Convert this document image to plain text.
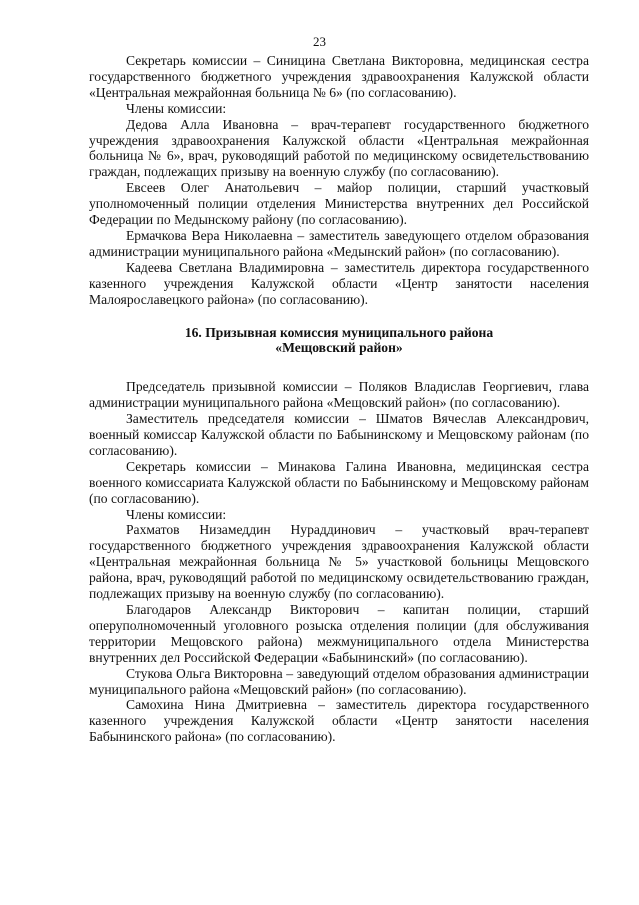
23

Секретарь комиссии – Синицина Светлана Викторовна, медицинская сестра государственного бюджетного учреждения здравоохранения Калужской области «Центральная межрайонная больница № 6» (по согласованию).

Члены комиссии:

Дедова Алла Ивановна – врач-терапевт государственного бюджетного учреждения здравоохранения Калужской области «Центральная межрайонная больница № 6», врач, руководящий работой по медицинскому освидетельствованию граждан, подлежащих призыву на военную службу (по согласованию).

Евсеев Олег Анатольевич – майор полиции, старший участковый уполномоченный полиции отделения Министерства внутренних дел Российской Федерации по Медынскому району (по согласованию).

Ермачкова Вера Николаевна – заместитель заведующего отделом образования администрации муниципального района «Медынский район» (по согласованию).

Кадеева Светлана Владимировна – заместитель директора государственного казенного учреждения Калужской области «Центр занятости населения Малоярославецкого района» (по согласованию).

16. Призывная комиссия муниципального района
«Мещовский район»

Председатель призывной комиссии – Поляков Владислав Георгиевич, глава администрации муниципального района «Мещовский район» (по согласованию).

Заместитель председателя комиссии – Шматов Вячеслав Александрович, военный комиссар Калужской области по Бабынинскому и Мещовскому районам (по согласованию).

Секретарь комиссии – Минакова Галина Ивановна, медицинская сестра военного комиссариата Калужской области по Бабынинскому и Мещовскому районам (по согласованию).

Члены комиссии:

Рахматов Низамеддин Нураддинович – участковый врач-терапевт государственного бюджетного учреждения здравоохранения Калужской области «Центральная межрайонная больница № 5» участковой больницы Мещовского района, врач, руководящий работой по медицинскому освидетельствованию граждан, подлежащих призыву на военную службу (по согласованию).

Благодаров Александр Викторович – капитан полиции, старший оперуполномоченный уголовного розыска отделения полиции (для обслуживания территории Мещовского района) межмуниципального отдела Министерства внутренних дел Российской Федерации «Бабынинский» (по согласованию).

Стукова Ольга Викторовна – заведующий отделом образования администрации муниципального района «Мещовский район» (по согласованию).

Самохина Нина Дмитриевна – заместитель директора государственного казенного учреждения Калужской области «Центр занятости населения Бабынинского района» (по согласованию).
